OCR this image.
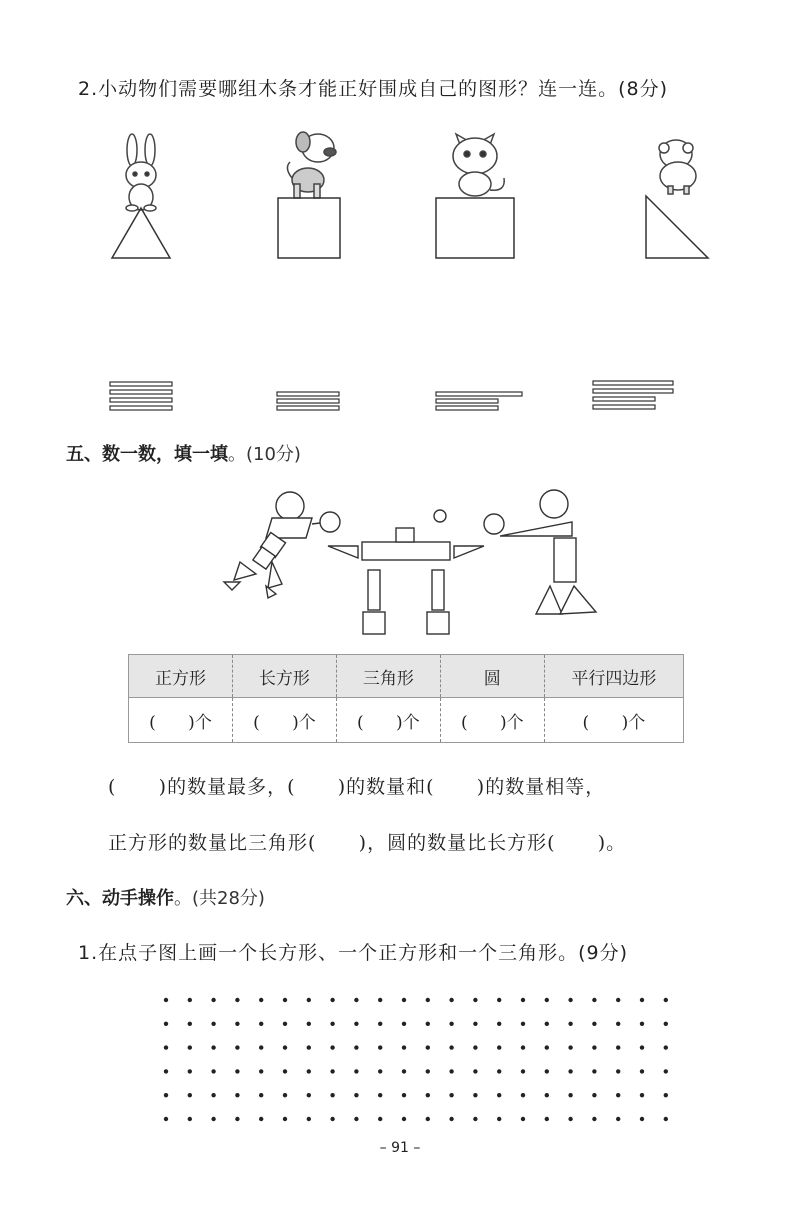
2.小动物们需要哪组木条才能正好围成自己的图形？连一连。(8分)
五、数一数，填一填。(10分)
正方形	长方形	三角形	圆	平行四边形
(      )个	(      )个	(      )个	(      )个	(      )个
(      )的数量最多，(      )的数量和(      )的数量相等，
正方形的数量比三角形(      )，圆的数量比长方形(      )。
六、动手操作。(共28分)
1.在点子图上画一个长方形、一个正方形和一个三角形。(9分)
– 91 –
